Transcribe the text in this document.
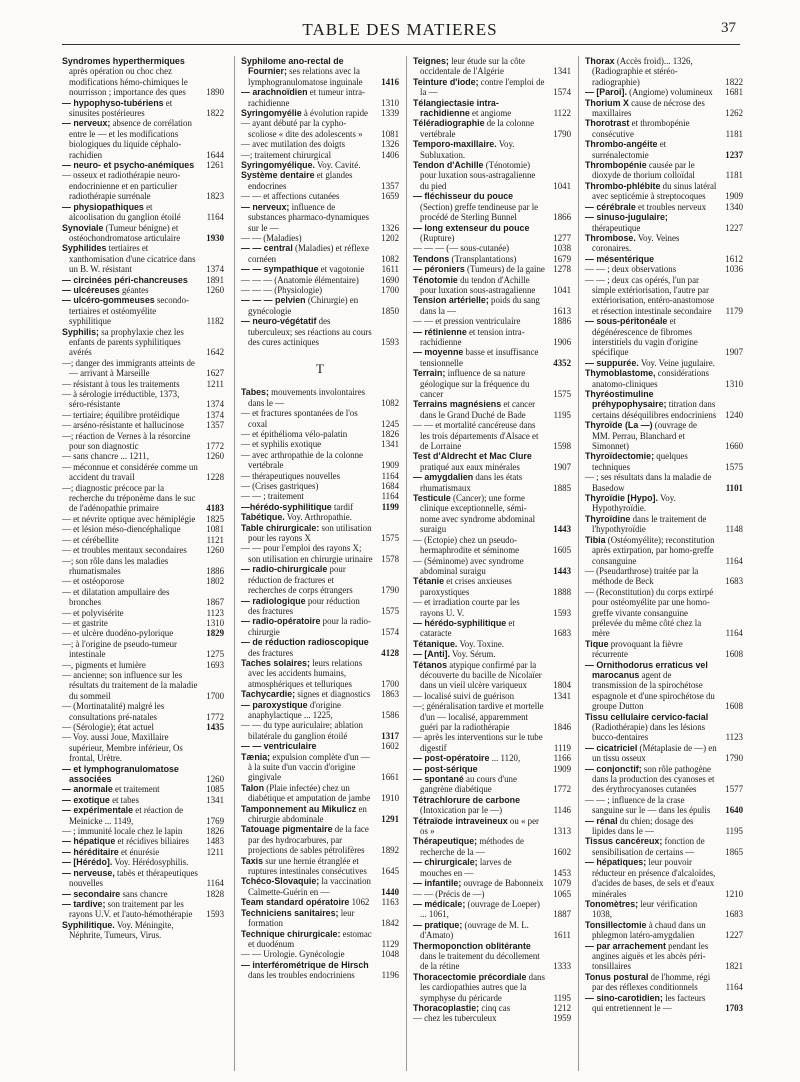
TABLE DES MATIERES	37
Syndromes hyperthermiques après opération ou choc chez modifications hémo-chimiques le nourrisson ; importance des ques 1890
— hypophyso-tubériens et sinusites postérieures	1822
— nerveux; absence de corrélation entre le — et les modifications biologiques du liquide céphalo-rachidien	1644
— neuro- et psycho-anémiques 1261
— osseux et radiothérapie neuro-endocrinienne et en particulier radiothérapie surrénale	1823
— physiopathiques et alcoolisation du ganglion étoilé	1164
Synoviale (Tumeur bénigne) et ostéochondromatose articulaire	1930
Syphilides tertiaires et xanthomisation d'une cicatrice dans un B. W. résistant	1374
— circinées péri-chancreuses 1891
— ulcéreuses géantes	1260
— ulcéro-gommeuses secondo-tertiaires et ostéomyélite syphilitique	1182
Syphilis; sa prophylaxie chez les enfants de parents syphilitiques avérés	1642
—; danger des immigrants atteints de — arrivant à Marseille	1627
— résistant à tous les traitements	1211
— à sérologie irréductible, 1373, séro-résistante	1374
— tertiaire; équilibre protéidique	1374
— arséno-résistante et hallucinose	1357
—; réaction de Vernes à la résorcine pour son diagnostic	1772
— sans chancre ... 1211,	1260
— méconnue et considérée comme un accident du travail	1228
—; diagnostic précoce par la recherche du tréponème dans le suc de l'adénopathie primaire	4183
— et névrite optique avec hémiplégie 1825
— et lésion méso-diencéphalique	1081
— et cérébellite	1121
— et troubles mentaux secondaires 1260
—; son rôle dans les maladies rhumatismales	1886
— et ostéoporose	1802
— et dilatation ampullaire des bronches	1867
— et polyvisérite	1123
— et gastrite	1310
— et ulcère duodéno-pylorique	1829
—; à l'origine de pseudo-tumeur intestinale	1275
—, pigments et lumière	1693
— ancienne; son influence sur les résultats du traitement de la maladie du sommeil	1700
— (Mortinatalité) malgré les consultations pré-natales	1772
— (Sérologie); état actuel	1435
— Voy. aussi Joue, Maxillaire supérieur, Membre inférieur, Os frontal, Urètre.
— et lymphogranulomatose associées	1260
— anormale et traitement	1085
— exotique et tabes	1341
— expérimentale et réaction de Meinicke ... 1149,	1769
— ; immunité locale chez le lapin	1826
— hépatique et récidives biliaires 1483
— héréditaire et énurésie	1211
— [Hérédo]. Voy. Hérédosyphilis.
— nerveuse, tabès et thérapeutiques nouvelles	1164
— secondaire sans chancre	1828
— tardive; son traitement par les rayons U.V. et l'auto-hémothérapie 1593
Syphilitique. Voy. Méningite, Néphrite, Tumeurs, Virus.
Syphilome ano-rectal de Fournier; ses relations avec la lymphogranulomatose inguinale 1416
— arachnoïdien et tumeur intra-rachidienne	1310
Syringomyélie à évolution rapide 1339
— ayant débuté par la cypho-scoliose « dite des adolescents » 1081
— avec mutilation des doigts	1326
—; traitement chirurgical	1406
Syringomyélique. Voy. Cavité.
Système dentaire et glandes endocrines	1357
— — et affections cutanées	1659
— nerveux; influence de substances pharmaco-dynamiques sur le —	1326
— — (Maladies)	1202
— — central (Maladies) et réflexe cornéen	1082
— — sympathique et vagotonie 1611
— — — (Anatomie élémentaire)	1690
— — — (Physiologie)	1700
— — — pelvien (Chirurgie) en gynécologie	1850
— neuro-végétatif des tuberculeux; ses réactions au cours des cures actiniques	1593
T
Tabes; mouvements involontaires dans le —	1082
— et fractures spontanées de l'os coxal	1245
— et épithélioma vélo-palatin	1826
— et syphilis exotique	1341
— avec arthropathie de la colonne vertébrale	1909
— thérapeutiques nouvelles	1164
— (Crises gastriques)	1684
— — ; traitement	1164
—hérédo-syphilitique tardif	1199
Tabétique. Voy. Arthropathie.
Table chirurgicale: son utilisation pour les rayons X	1575
— — pour l'emploi des rayons X; son utilisation en chirurgie urinaire 1578
— radio-chirurgicale pour réduction de fractures et recherches de corps étrangers	1790
— radiologique pour réduction des fractures	1575
— radio-opératoire pour la radio-chirurgie	1574
— de réduction radioscopique des fractures	4128
Taches solaires; leurs relations avec les accidents humains, atmosphériques et telluriques	1700
Tachycardie; signes et diagnostics 1863
— paroxystique d'origine anaphylactique ... 1225,	1586
— — du type auriculaire; ablation bilatérale du ganglion étoilé	1317
— — ventriculaire	1602
Tænia; expulsion complète d'un — à la suite d'un vaccin d'origine gingivale	1661
Talon (Plaie infectée) chez un diabétique et amputation de jambe 1910
Tamponnement au Mikulicz en chirurgie abdominale	1291
Tatouage pigmentaire de la face par des hydrocarbures, par projections de sables pétrolifères 1892
Taxis sur une hernie étranglée et ruptures intestinales consécutives 1645
Tchéco-Slovaquie; la vaccination Calmette-Guérin en —	1440
Team standard opératoire 1062 1163
Techniciens sanitaires; leur formation	1842
Technique chirurgicale: estomac et duodénum	1129
— — Urologie. Gynécologie	1048
— interférométrique de Hirsch dans les troubles endocriniens	1196
Teignes; leur étude sur la côte occidentale de l'Algérie	1341
Teinture d'iode; contre l'emploi de la —	1574
Télangiectasie intra-rachidienne et angiome	1122
Téléradiographie de la colonne vertébrale	1790
Temporo-maxillaire. Voy. Subluxation.
Tendon d'Achille (Ténotomie) pour luxation sous-astragalienne du pied	1041
— fléchisseur du pouce (Section) greffe tendineuse par le procédé de Sterling Bunnel	1866
— long extenseur du pouce (Rupture)	1277
— — — (— sous-cutanée)	1038
Tendons (Transplantations)	1679
— péroniers (Tumeurs) de la gaine 1278
Ténotomie du tendon d'Achille pour luxation sous-astragalienne 1041
Tension artérielle; poids du sang dans la —	1613
— — et pression ventriculaire	1886
— rétinienne et tension intra-rachidienne	1906
— moyenne basse et insuffisance tensionnelle	4352
Terrain; influence de sa nature géologique sur la fréquence du cancer	1575
Terrains magnésiens et cancer dans le Grand Duché de Bade	1195
— — et mortalité cancéreuse dans les trois départements d'Alsace et de Lorraine	1598
Test d'Aldrecht et Mac Clure pratiqué aux eaux minérales	1907
— amygdalien dans les états rhumatismaux	1885
Testicule (Cancer); une forme clinique exceptionnelle, sémi-nome avec syndrome abdominal suraigu	1443
— (Ectopie) chez un pseudo-hermaphrodite et séminome	1605
— (Séminome) avec syndrome abdominal suraigu	1443
Tétanie et crises anxieuses paroxystiques	1888
— et irradiation courte par les rayons U. V.	1593
— hérédo-syphilitique et cataracte	1683
Tétanique. Voy. Toxine.
— [Anti]. Voy. Sérum.
Tétanos atypique confirmé par la découverte du bacille de Nicolaïer dans un vieil ulcère variqueux	1804
— localisé suivi de guérison	1341
—; généralisation tardive et mortelle d'un — localisé, apparemment guéri par la radiothérapie	1846
— après les interventions sur le tube digestif	1119
— post-opératoire ... 1120,	1166
— post-sérique	1909
— spontané au cours d'une gangrène diabétique	1772
Tétrachlorure de carbone (Intoxication par le —)	1146
Tétraïode intraveineux ou « per os »	1313
Thérapeutique; méthodes de recherche de la —	1602
— chirurgicale; larves de mouches en —	1453
— infantile; ouvrage de Babonneix 1079
— — (Précis de —)	1065
— médicale; (ouvrage de Loeper) ... 1061,	1887
— pratique; (ouvrage de M. L. d'Amato)	1611
Thermoponction oblitérante dans le traitement du décollement de la rétine	1333
Thoracectomie précordiale dans les cardiopathies autres que la symphyse du péricarde	1195
Thoracoplastie; cinq cas	1212
— chez les tuberculeux	1959
Thorax (Accès froid)... 1326, (Radiographie et stéréo-radiographie)	1822
— [Paroi]. (Angiome) volumineux 1681
Thorium X cause de nécrose des maxillaires	1262
Thorotrast et thrombopénie consécutive	1181
Thrombo-angéite et surrénalectomie	1237
Thrombopénie causée par le dioxyde de thorium colloïdal	1181
Thrombo-phlébite du sinus latéral avec septicémie à streptocoques 1909
— cérébrale et troubles nerveux 1340
— sinuso-jugulaire; thérapeutique	1227
Thrombose. Voy. Veines coronaires.
— mésentérique	1612
— — ; deux observations	1036
— — ; deux cas opérés, l'un par simple extériorisation, l'autre par extériorisation, entéro-anastomose et résection intestinale secondaire 1179
— sous-péritonéale et dégénérescence de fibromes interstitiels du vagin d'origine spécifique	1907
— suppurée. Voy. Veine jugulaire.
Thymoblastome, considérations anatomo-cliniques	1310
Thyréostimuline préhypophysaire; titration dans certains déséquilibres endocriniens 1240
Thyroïde (La —) (ouvrage de MM. Perrau, Blanchard et Simonnet)	1660
Thyroïdectomie; quelques techniques	1575
— ; ses résultats dans la maladie de Basedow	1101
Thyroïdie [Hypo]. Voy. Hypothyroïdie.
Thyroïdine dans le traitement de l'hypothyroïdie	1148
Tibia (Ostéomyélite); reconstitution après extirpation, par homo-greffe consanguine	1164
— (Pseudarthrose) traitée par la méthode de Beck	1683
— (Reconstitution) du corps extirpé pour ostéomyélite par une homo-greffe vivante consanguine prélevée du même côté chez la mère	1164
Tique provoquant la fièvre récurrente	1608
— Ornithodorus erraticus vel marocanus agent de transmission de la spirochétose espagnole et d'une spirochétose du groupe Dutton	1608
Tissu cellulaire cervico-facial (Radiothérapie) dans les lésions bucco-dentaires	1123
— cicatriciel (Métaplasie de —) en un tissu osseux	1790
— conjonctif; son rôle pathogène dans la production des cyanoses et des érythrocyanoses cutanées	1577
— — ; influence de la crase sanguine sur le — dans les épulis 1640
— rénal du chien; dosage des lipides dans le —	1195
Tissus cancéreux; fonction de sensibilisation de certains —	1865
— hépatiques; leur pouvoir réducteur en présence d'alcaloïdes, d'acides de bases, de sels et d'eaux minérales	1210
Tonomètres; leur vérification 1038,	1683
Tonsillectomie à chaud dans un phlegmon latéro-amygdalien	1227
— par arrachement pendant les angines aiguës et les abcès péri-tonsillaires	1821
Tonus postural de l'homme, régi par des réflexes conditionnels	1164
— sino-carotidien; les facteurs qui entretiennent le —	1703
